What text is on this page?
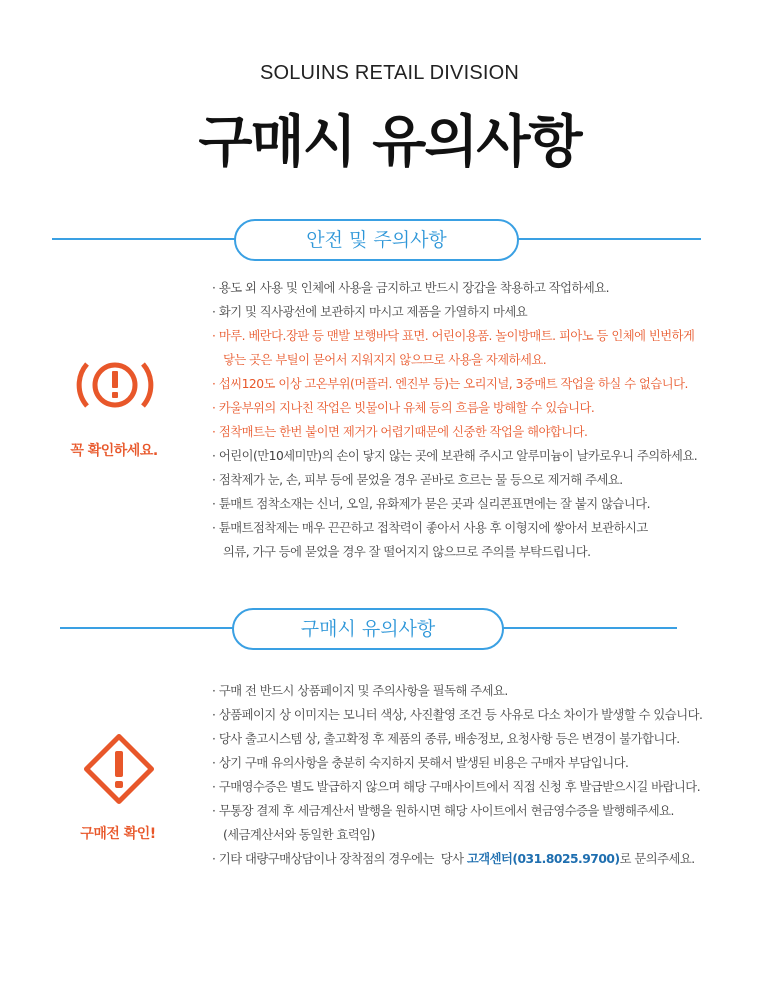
SOLUINS RETAIL DIVISION
구매시 유의사항
안전 및 주의사항
꼭 확인하세요.
· 용도 외 사용 및 인체에 사용을 금지하고 반드시 장갑을 착용하고 작업하세요.
· 화기 및 직사광선에 보관하지 마시고 제품을 가열하지 마세요
· 마루. 베란다.장판 등 맨발 보행바닥 표면. 어린이용품. 놀이방매트. 피아노 등 인체에 빈번하게
닿는 곳은 부틸이 묻어서 지워지지 않으므로 사용을 자제하세요.
· 섭씨120도 이상 고온부위(머플러. 엔진부 등)는 오리지널, 3중매트 작업을 하실 수 없습니다.
· 카울부위의 지나친 작업은 빗물이나 유체 등의 흐름을 방해할 수 있습니다.
· 점착매트는 한번 붙이면 제거가 어렵기때문에 신중한 작업을 해야합니다.
· 어린이(만10세미만)의 손이 닿지 않는 곳에 보관해 주시고 알루미늄이 날카로우니 주의하세요.
· 점착제가 눈, 손, 피부 등에 묻었을 경우 곧바로 흐르는 물 등으로 제거해 주세요.
· 튠매트 점착소재는 신너, 오일, 유화제가 묻은 곳과 실리콘표면에는 잘 붙지 않습니다.
· 튠매트점착제는 매우 끈끈하고 접착력이 좋아서 사용 후 이형지에 쌓아서 보관하시고
의류, 가구 등에 묻었을 경우 잘 떨어지지 않으므로 주의를 부탁드립니다.
구매시 유의사항
구매전 확인!
· 구매 전 반드시 상품페이지 및 주의사항을 필독해 주세요.
· 상품페이지 상 이미지는 모니터 색상, 사진촬영 조건 등 사유로 다소 차이가 발생할 수 있습니다.
· 당사 출고시스템 상, 출고확정 후 제품의 종류, 배송정보, 요청사항 등은 변경이 불가합니다.
· 상기 구매 유의사항을 충분히 숙지하지 못해서 발생된 비용은 구매자 부담입니다.
· 구매영수증은 별도 발급하지 않으며 해당 구매사이트에서 직접 신청 후 발급받으시길 바랍니다.
· 무통장 결제 후 세금계산서 발행을 원하시면 해당 사이트에서 현금영수증을 발행해주세요.
(세금계산서와 동일한 효력임)
· 기타 대량구매상담이나 장착점의 경우에는  당사 고객센터(031.8025.9700)로 문의주세요.
